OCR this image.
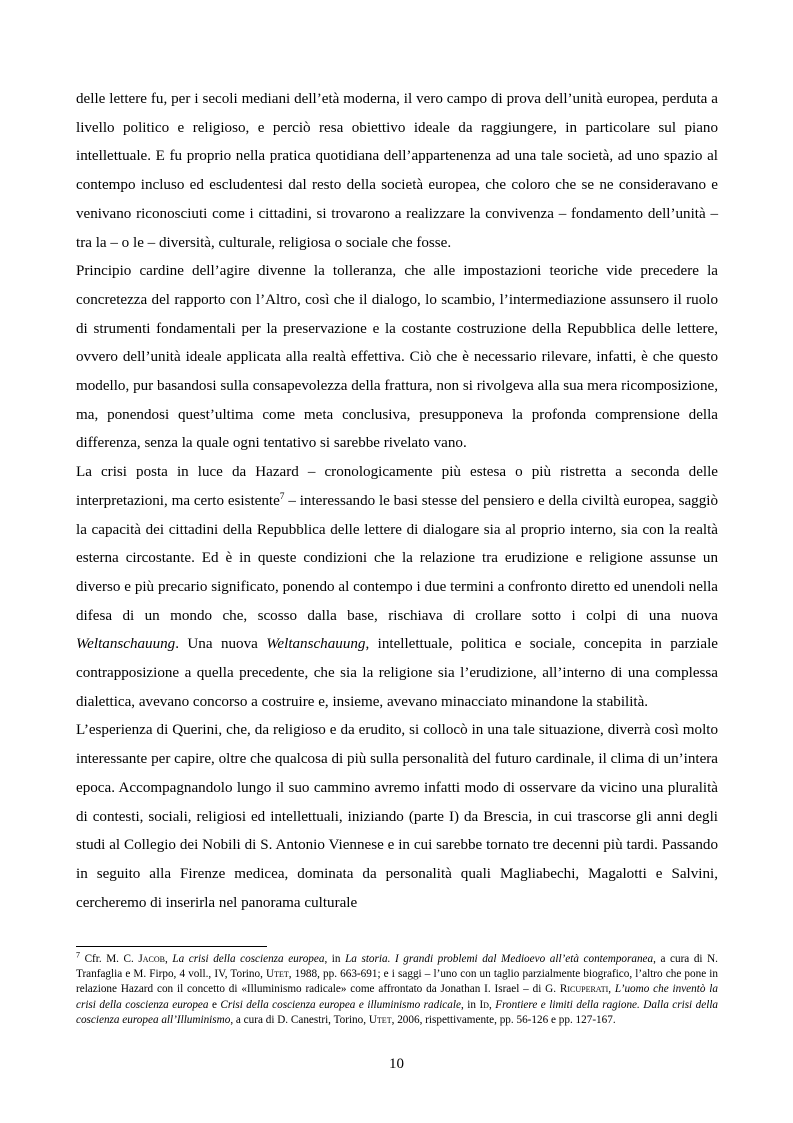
delle lettere fu, per i secoli mediani dell’età moderna, il vero campo di prova dell’unità europea, perduta a livello politico e religioso, e perciò resa obiettivo ideale da raggiungere, in particolare sul piano intellettuale. E fu proprio nella pratica quotidiana dell’appartenenza ad una tale società, ad uno spazio al contempo incluso ed escludentesi dal resto della società europea, che coloro che se ne consideravano e venivano riconosciuti come i cittadini, si trovarono a realizzare la convivenza – fondamento dell’unità – tra la – o le – diversità, culturale, religiosa o sociale che fosse.

Principio cardine dell’agire divenne la tolleranza, che alle impostazioni teoriche vide precedere la concretezza del rapporto con l’Altro, così che il dialogo, lo scambio, l’intermediazione assunsero il ruolo di strumenti fondamentali per la preservazione e la costante costruzione della Repubblica delle lettere, ovvero dell’unità ideale applicata alla realtà effettiva. Ciò che è necessario rilevare, infatti, è che questo modello, pur basandosi sulla consapevolezza della frattura, non si rivolgeva alla sua mera ricomposizione, ma, ponendosi quest’ultima come meta conclusiva, presupponeva la profonda comprensione della differenza, senza la quale ogni tentativo si sarebbe rivelato vano.

La crisi posta in luce da Hazard – cronologicamente più estesa o più ristretta a seconda delle interpretazioni, ma certo esistente$^7$ – interessando le basi stesse del pensiero e della civiltà europea, saggiò la capacità dei cittadini della Repubblica delle lettere di dialogare sia al proprio interno, sia con la realtà esterna circostante. Ed è in queste condizioni che la relazione tra erudizione e religione assunse un diverso e più precario significato, ponendo al contempo i due termini a confronto diretto ed unendoli nella difesa di un mondo che, scosso dalla base, rischiava di crollare sotto i colpi di una nuova Weltanschauung. Una nuova Weltanschauung, intellettuale, politica e sociale, concepita in parziale contrapposizione a quella precedente, che sia la religione sia l’erudizione, all’interno di una complessa dialettica, avevano concorso a costruire e, insieme, avevano minacciato minandone la stabilità.

L’esperienza di Querini, che, da religioso e da erudito, si collocò in una tale situazione, diverrà così molto interessante per capire, oltre che qualcosa di più sulla personalità del futuro cardinale, il clima di un’intera epoca. Accompagnandolo lungo il suo cammino avremo infatti modo di osservare da vicino una pluralità di contesti, sociali, religiosi ed intellettuali, iniziando (parte I) da Brescia, in cui trascorse gli anni degli studi al Collegio dei Nobili di S. Antonio Viennese e in cui sarebbe tornato tre decenni più tardi. Passando in seguito alla Firenze medicea, dominata da personalità quali Magliabechi, Magalotti e Salvini, cercheremo di inserirla nel panorama culturale

$^7$ Cfr. M. C. Jacob, La crisi della coscienza europea, in La storia. I grandi problemi dal Medioevo all’età contemporanea, a cura di N. Tranfaglia e M. Firpo, 4 voll., IV, Torino, Utet, 1988, pp. 663-691; e i saggi – l’uno con un taglio parzialmente biografico, l’altro che pone in relazione Hazard con il concetto di «Illuminismo radicale» come affrontato da Jonathan I. Israel – di G. Ricuperati, L’uomo che inventò la crisi della coscienza europea e Crisi della coscienza europea e illuminismo radicale, in Id, Frontiere e limiti della ragione. Dalla crisi della coscienza europea all’Illuminismo, a cura di D. Canestri, Torino, Utet, 2006, rispettivamente, pp. 56-126 e pp. 127-167.
10
